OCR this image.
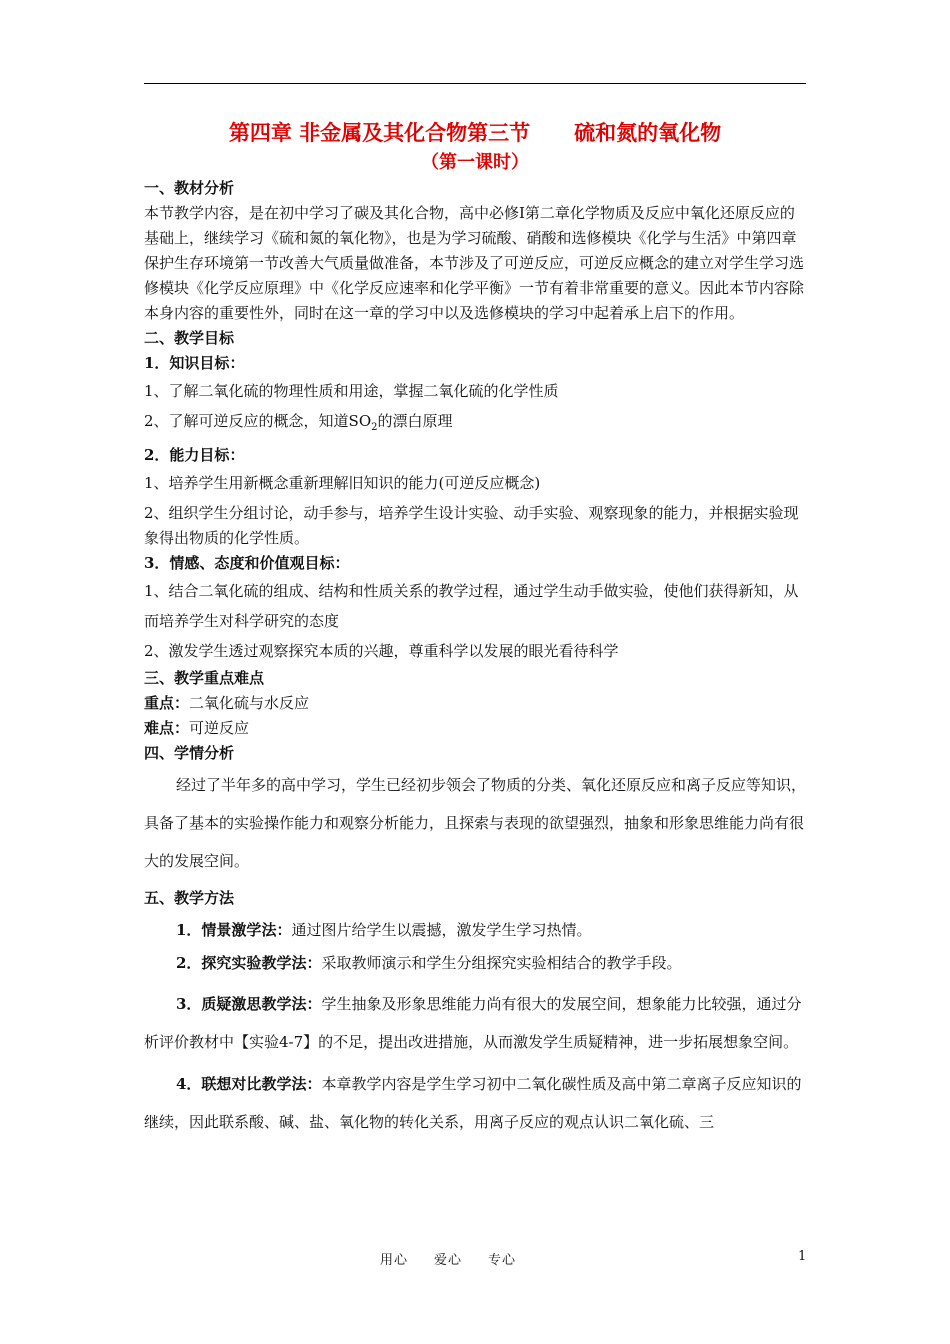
第四章 非金属及其化合物第三节 硫和氮的氧化物

（第一课时）

一、教材分析

本节教学内容，是在初中学习了碳及其化合物，高中必修Ⅰ第二章化学物质及反应中氧化还原反应的基础上，继续学习《硫和氮的氧化物》，也是为学习硫酸、硝酸和选修模块《化学与生活》中第四章保护生存环境第一节改善大气质量做准备，本节涉及了可逆反应，可逆反应概念的建立对学生学习选修模块《化学反应原理》中《化学反应速率和化学平衡》一节有着非常重要的意义。因此本节内容除本身内容的重要性外，同时在这一章的学习中以及选修模块的学习中起着承上启下的作用。

二、教学目标

1．知识目标：

1、了解二氧化硫的物理性质和用途，掌握二氧化硫的化学性质

2、了解可逆反应的概念，知道$SO_2$的漂白原理

2．能力目标：

1、培养学生用新概念重新理解旧知识的能力(可逆反应概念)

2、组织学生分组讨论，动手参与，培养学生设计实验、动手实验、观察现象的能力，并根据实验现象得出物质的化学性质。

3．情感、态度和价值观目标：

1、结合二氧化硫的组成、结构和性质关系的教学过程，通过学生动手做实验，使他们获得新知，从而培养学生对科学研究的态度

2、激发学生透过观察探究本质的兴趣，尊重科学以发展的眼光看待科学

三、教学重点难点

重点：二氧化硫与水反应

难点：可逆反应

四、学情分析

经过了半年多的高中学习，学生已经初步领会了物质的分类、氧化还原反应和离子反应等知识，具备了基本的实验操作能力和观察分析能力，且探索与表现的欲望强烈，抽象和形象思维能力尚有很大的发展空间。

五、教学方法

1．情景激学法：通过图片给学生以震撼，激发学生学习热情。

2．探究实验教学法：采取教师演示和学生分组探究实验相结合的教学手段。

3．质疑激思教学法：学生抽象及形象思维能力尚有很大的发展空间，想象能力比较强，通过分析评价教材中【实验4-7】的不足，提出改进措施，从而激发学生质疑精神，进一步拓展想象空间。

4．联想对比教学法：本章教学内容是学生学习初中二氧化碳性质及高中第二章离子反应知识的继续，因此联系酸、碱、盐、氧化物的转化关系，用离子反应的观点认识二氧化硫、三

用心 爱心 专心	1
